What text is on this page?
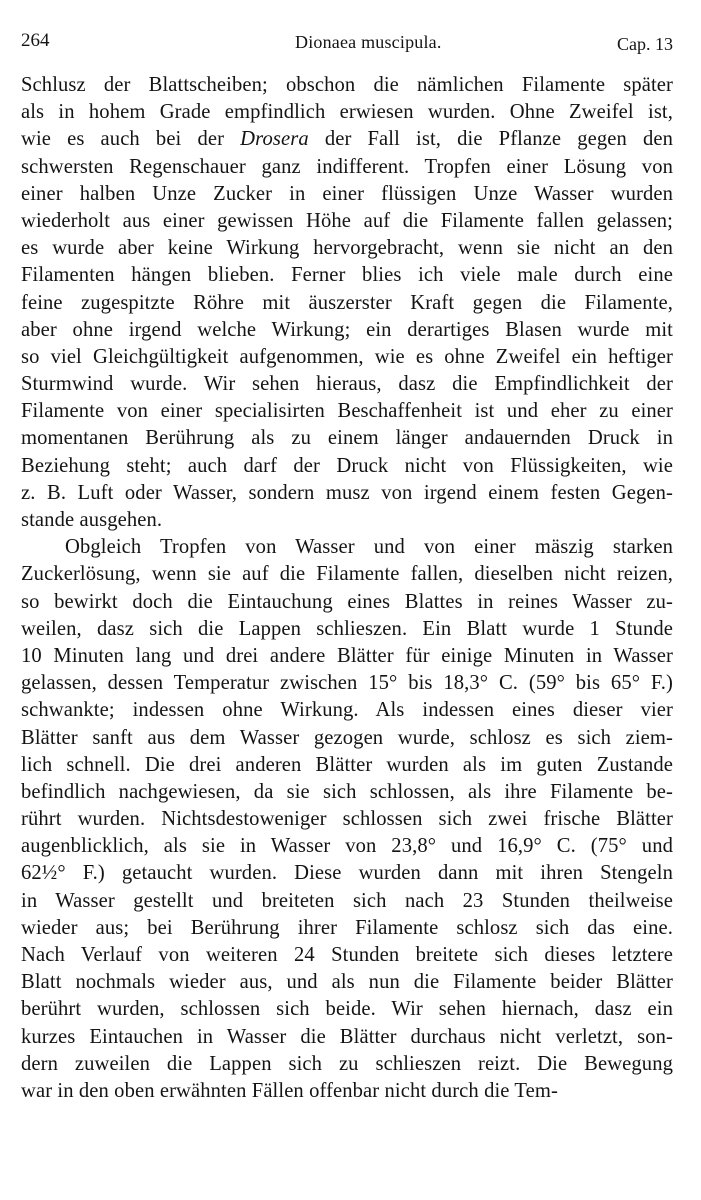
264	Dionaea muscipula.	Cap. 13
Schlusz der Blattscheiben; obschon die nämlichen Filamente später
als in hohem Grade empfindlich erwiesen wurden. Ohne Zweifel ist,
wie es auch bei der Drosera der Fall ist, die Pflanze gegen den
schwersten Regenschauer ganz indifferent. Tropfen einer Lösung von
einer halben Unze Zucker in einer flüssigen Unze Wasser wurden
wiederholt aus einer gewissen Höhe auf die Filamente fallen gelassen;
es wurde aber keine Wirkung hervorgebracht, wenn sie nicht an den
Filamenten hängen blieben. Ferner blies ich viele male durch eine
feine zugespitzte Röhre mit äuszerster Kraft gegen die Filamente,
aber ohne irgend welche Wirkung; ein derartiges Blasen wurde mit
so viel Gleichgültigkeit aufgenommen, wie es ohne Zweifel ein heftiger
Sturmwind wurde. Wir sehen hieraus, dasz die Empfindlichkeit der
Filamente von einer specialisirten Beschaffenheit ist und eher zu einer
momentanen Berührung als zu einem länger andauernden Druck in
Beziehung steht; auch darf der Druck nicht von Flüssigkeiten, wie
z. B. Luft oder Wasser, sondern musz von irgend einem festen Gegen-
stande ausgehen.
Obgleich Tropfen von Wasser und von einer mäszig starken
Zuckerlösung, wenn sie auf die Filamente fallen, dieselben nicht reizen,
so bewirkt doch die Eintauchung eines Blattes in reines Wasser zu-
weilen, dasz sich die Lappen schlieszen. Ein Blatt wurde 1 Stunde
10 Minuten lang und drei andere Blätter für einige Minuten in Wasser
gelassen, dessen Temperatur zwischen 15° bis 18,3° C. (59° bis 65° F.)
schwankte; indessen ohne Wirkung. Als indessen eines dieser vier
Blätter sanft aus dem Wasser gezogen wurde, schlosz es sich ziem-
lich schnell. Die drei anderen Blätter wurden als im guten Zustande
befindlich nachgewiesen, da sie sich schlossen, als ihre Filamente be-
rührt wurden. Nichtsdestoweniger schlossen sich zwei frische Blätter
augenblicklich, als sie in Wasser von 23,8° und 16,9° C. (75° und
62½° F.) getaucht wurden. Diese wurden dann mit ihren Stengeln
in Wasser gestellt und breiteten sich nach 23 Stunden theilweise
wieder aus; bei Berührung ihrer Filamente schlosz sich das eine.
Nach Verlauf von weiteren 24 Stunden breitete sich dieses letztere
Blatt nochmals wieder aus, und als nun die Filamente beider Blätter
berührt wurden, schlossen sich beide. Wir sehen hiernach, dasz ein
kurzes Eintauchen in Wasser die Blätter durchaus nicht verletzt, son-
dern zuweilen die Lappen sich zu schlieszen reizt. Die Bewegung
war in den oben erwähnten Fällen offenbar nicht durch die Tem-
